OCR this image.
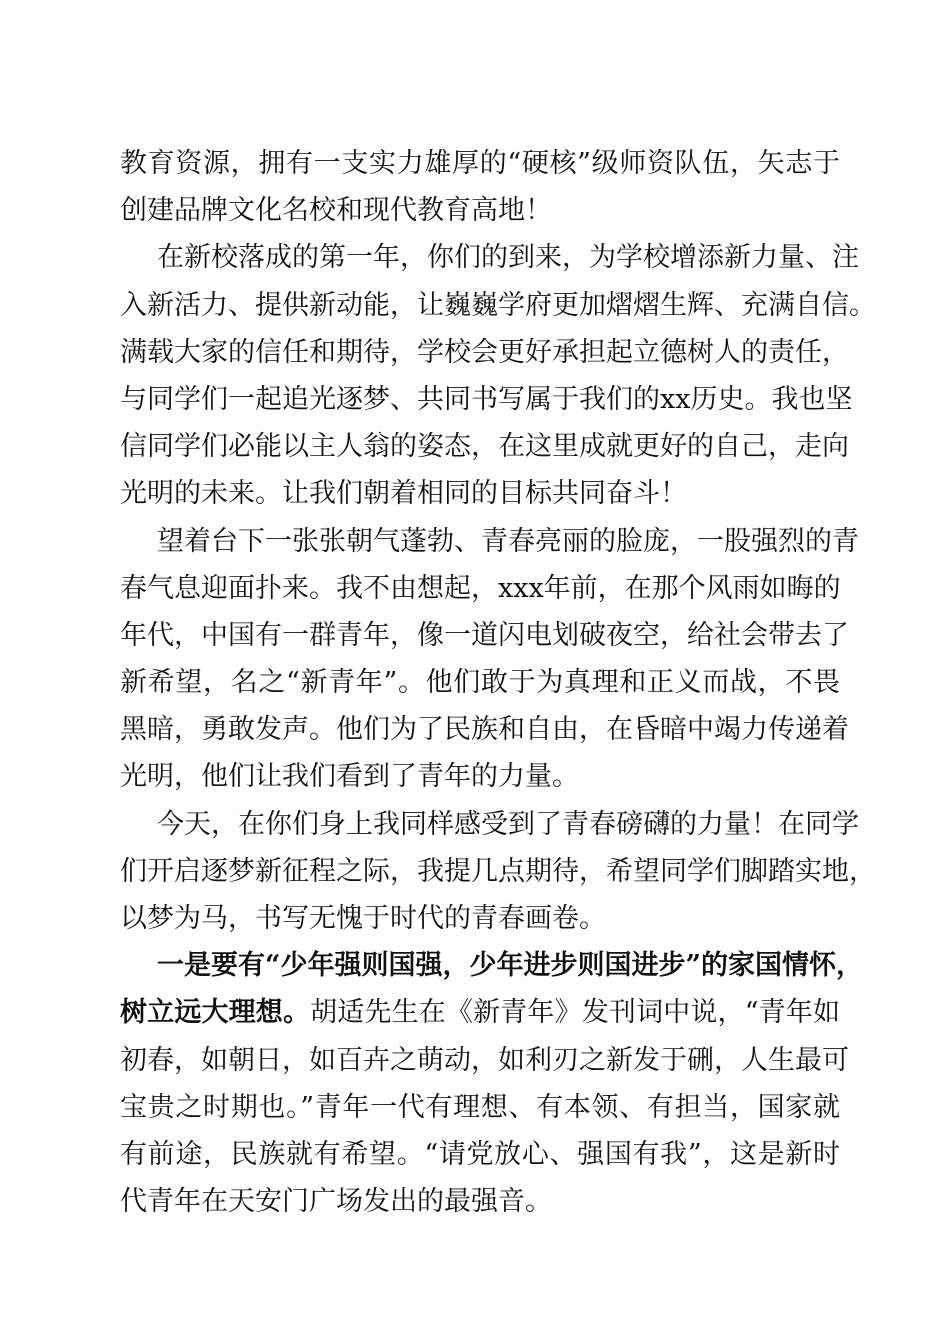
教育资源，拥有一支实力雄厚的“硬核”级师资队伍，矢志于
创建品牌文化名校和现代教育高地！
在新校落成的第一年，你们的到来，为学校增添新力量、注
入新活力、提供新动能，让巍巍学府更加熠熠生辉、充满自信。
满载大家的信任和期待，学校会更好承担起立德树人的责任，
与同学们一起追光逐梦、共同书写属于我们的xx历史。我也坚
信同学们必能以主人翁的姿态，在这里成就更好的自己，走向
光明的未来。让我们朝着相同的目标共同奋斗！
望着台下一张张朝气蓬勃、青春亮丽的脸庞，一股强烈的青
春气息迎面扑来。我不由想起，xxx年前，在那个风雨如晦的
年代，中国有一群青年，像一道闪电划破夜空，给社会带去了
新希望，名之“新青年”。他们敢于为真理和正义而战，不畏
黑暗，勇敢发声。他们为了民族和自由，在昏暗中竭力传递着
光明，他们让我们看到了青年的力量。
今天，在你们身上我同样感受到了青春磅礴的力量！在同学
们开启逐梦新征程之际，我提几点期待，希望同学们脚踏实地，
以梦为马，书写无愧于时代的青春画卷。
一是要有“少年强则国强，少年进步则国进步”的家国情怀，
树立远大理想。胡适先生在《新青年》发刊词中说，“青年如
初春，如朝日，如百卉之萌动，如利刃之新发于硎，人生最可
宝贵之时期也。”青年一代有理想、有本领、有担当，国家就
有前途，民族就有希望。“请党放心、强国有我”，这是新时
代青年在天安门广场发出的最强音。
